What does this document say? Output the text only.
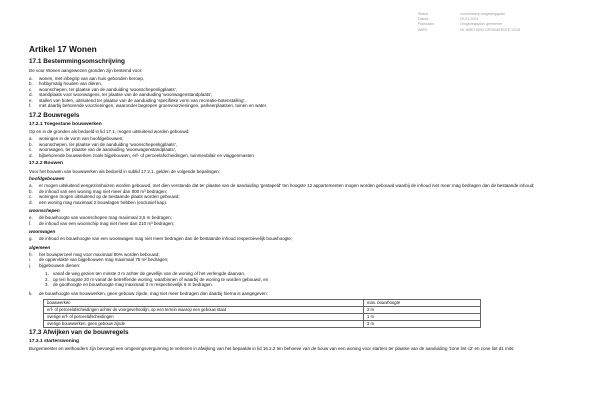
Status	voorontwerp omgevingsplan
Datum	20-01-2024
Plannaam	Omgevingsplan gemeente
IMRO	NL.IMRO.0000.OPGEMEENTE-VO01
Artikel 17 Wonen
17.1 Bestemmingsomschrijving
De voor Wonen aangewezen gronden zijn bestemd voor:
a.	wonen, met inbegrip van aan huis gebonden beroep,
b.	hobbymatig houden van dieren,
c.	woonschepen, ter plaatse van de aanduiding 'woonschepenligplaats',
d.	standplaats voor woonwagens, ter plaatse van de aanduiding 'woonwagenstandplaats',
e.	stallen van boten, uitsluitend ter plaatse van de aanduiding 'specifieke vorm van recreatie-botenstalling',
f.	met daarbij behorende voorzieningen, waaronder begrepen groenvoorzieningen, parkeerplaatsen, tuinen en water.
17.2 Bouwregels
17.2.1 Toegestane bouwwerken
Op en in de gronden als bedoeld in lid 17.1, mogen uitsluitend worden gebouwd:
a.	woningen in de vorm van hoofdgebouwen;
b.	woonschepen, ter plaatse van de aanduiding 'woonschepenligplaats',
c.	woonwagen, ter plaatse van de aanduiding 'woonwagenstandplaats',
d.	bijbehorende bouwwerken zoals bijgebouwen, erf- of perceelafscheidingen, tuinmeubilair en vlaggenmasten.
17.2.2 Bouwen
Voor het bouwen van bouwwerken als bedoeld in sublid 17.2.1, gelden de volgende bepalingen:
hoofdgebouwen
a.	er mogen uitsluitend eengezinshuizen worden gebouwd, met dien verstande dat ter plaatse van de aanduiding 'gestapeld' ten hoogste 12 appartementen mogen worden gebouwd waarbij de inhoud niet meer mag bedragen dan de bestaande inhoud;
b.	de inhoud van een woning mag niet meer dan 800 m³ bedragen;
c.	woningen mogen uitsluitend op de bestaande plaats worden gebouwd;
d.	een woning mag maximaal 2 bouwlagen hebben (exclusief kap).
woonschepen
e.	de bouwhoogte van woonschepen mag maximaal 3,5 m bedragen;
f.	de inhoud van een woonschip mag niet meer dan 210 m³ bedragen;
woonwagen
g.	de inhoud en bouwhoogte van een woonwagen mag niet meer bedragen dan de bestaande inhoud respectievelijk bouwhoogte;
algemeen
h.	het bouwperceel mag voor maximaal 80% worden bebouwd;
i.	de oppervlakte van bijgebouwen mag maximaal 75 m² bedragen;
j.	bijgebouwen dienen:
1. vanaf de weg gezien ten minste 3 m achter de gevellijn van de woning of het verlengde daarvan,
2. op ten hoogste 20 m vanaf de betreffende woning, waarbinnen of waarbij de woning te worden gebouwd, en
3. de goothoogte en bouwhoogte mag maximaal 3 m respectievelijk 6 m bedragen.
k.	de bouwhoogte van bouwwerken, geen gebouw zijnde, mag niet meer bedragen dan daarbij hierna is aangegeven:
bouwwerken	max. bouwhoogte
erf- of perceelafscheidingen achter de voorgevelrooilijn, op een terrein waarop een gebouw staat	2 m
overige erf- of perceelafscheidingen	1 m
overige bouwwerken, geen gebouw zijnde	3 m
17.3 Afwijken van de bouwregels
17.3.1 starterswoning
Burgemeester en wethouders zijn bevoegd een omgevingsvergunning te verlenen in afwijking van het bepaalde in lid 16.2.2 ten behoeve van de bouw van een woning voor starters ter plaatse van de aanduiding 'zone lint c2' en zone lint d1 mits:
